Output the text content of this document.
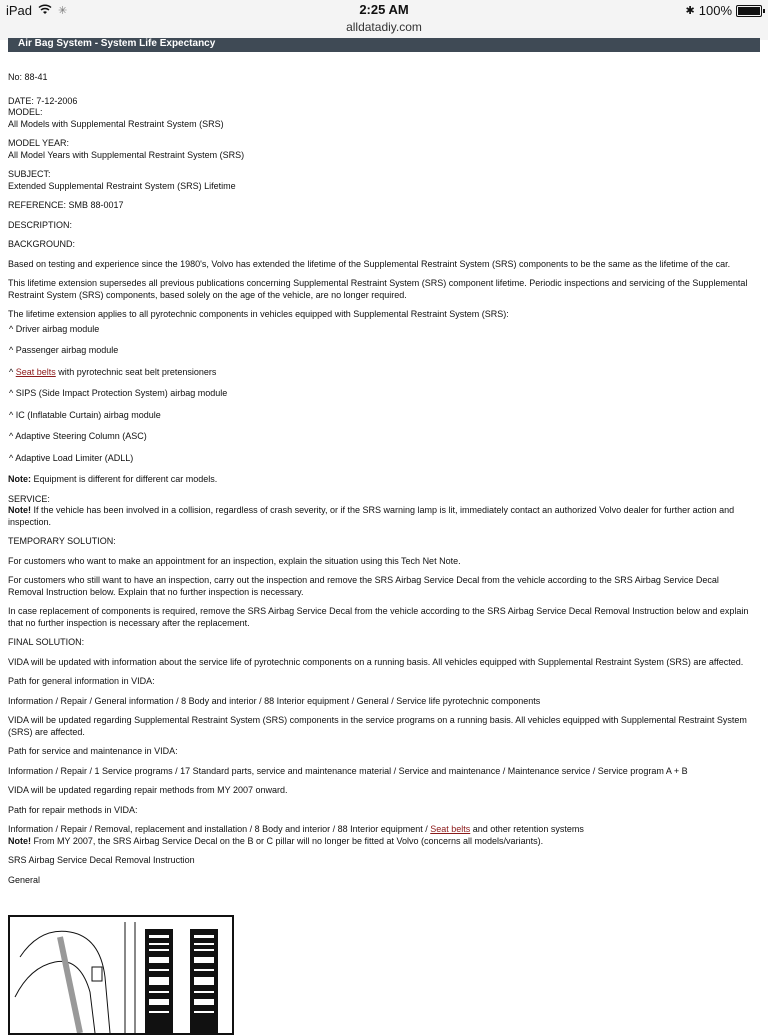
iPad ✳	2:25 AM	✱ 100%
alldatadiy.com
Air Bag System - System Life Expectancy

No: 88-41

DATE: 7-12-2006

MODEL:

All Models with Supplemental Restraint System (SRS)

MODEL YEAR:

All Model Years with Supplemental Restraint System (SRS)

SUBJECT:

Extended Supplemental Restraint System (SRS) Lifetime

REFERENCE: SMB 88-0017

DESCRIPTION:

BACKGROUND:

Based on testing and experience since the 1980's, Volvo has extended the lifetime of the Supplemental Restraint System (SRS) components to be the same as the lifetime of the car.

This lifetime extension supersedes all previous publications concerning Supplemental Restraint System (SRS) component lifetime. Periodic inspections and servicing of the Supplemental Restraint System (SRS) components, based solely on the age of the vehicle, are no longer required.

The lifetime extension applies to all pyrotechnic components in vehicles equipped with Supplemental Restraint System (SRS):

^ Driver airbag module
^ Passenger airbag module
^ Seat belts with pyrotechnic seat belt pretensioners
^ SIPS (Side Impact Protection System) airbag module
^ IC (Inflatable Curtain) airbag module
^ Adaptive Steering Column (ASC)
^ Adaptive Load Limiter (ADLL)

Note: Equipment is different for different car models.

SERVICE:

Note! If the vehicle has been involved in a collision, regardless of crash severity, or if the SRS warning lamp is lit, immediately contact an authorized Volvo dealer for further action and inspection.

TEMPORARY SOLUTION:

For customers who want to make an appointment for an inspection, explain the situation using this Tech Net Note.

For customers who still want to have an inspection, carry out the inspection and remove the SRS Airbag Service Decal from the vehicle according to the SRS Airbag Service Decal Removal Instruction below. Explain that no further inspection is necessary.

In case replacement of components is required, remove the SRS Airbag Service Decal from the vehicle according to the SRS Airbag Service Decal Removal Instruction below and explain that no further inspection is necessary after the replacement.

FINAL SOLUTION:

VIDA will be updated with information about the service life of pyrotechnic components on a running basis. All vehicles equipped with Supplemental Restraint System (SRS) are affected.

Path for general information in VIDA:

Information / Repair / General information / 8 Body and interior / 88 Interior equipment / General / Service life pyrotechnic components

VIDA will be updated regarding Supplemental Restraint System (SRS) components in the service programs on a running basis. All vehicles equipped with Supplemental Restraint System (SRS) are affected.

Path for service and maintenance in VIDA:

Information / Repair / 1 Service programs / 17 Standard parts, service and maintenance material / Service and maintenance / Maintenance service / Service program A + B

VIDA will be updated regarding repair methods from MY 2007 onward.

Path for repair methods in VIDA:

Information / Repair / Removal, replacement and installation / 8 Body and interior / 88 Interior equipment / Seat belts and other retention systems

Note! From MY 2007, the SRS Airbag Service Decal on the B or C pillar will no longer be fitted at Volvo (concerns all models/variants).

SRS Airbag Service Decal Removal Instruction

General
